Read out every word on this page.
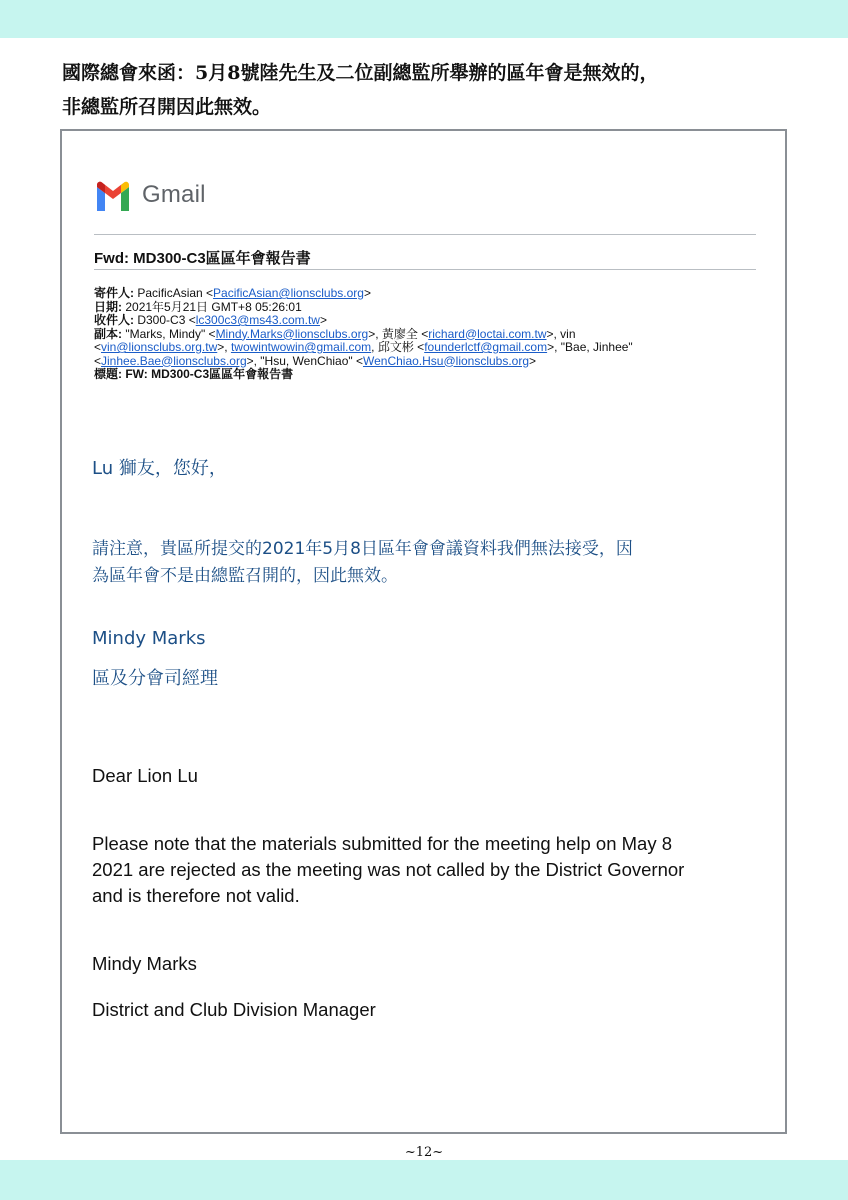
國際總會來函：5月8號陸先生及二位副總監所舉辦的區年會是無效的，
非總監所召開因此無效。
Gmail
Fwd: MD300-C3區區年會報告書
寄件人: PacificAsian <PacificAsian@lionsclubs.org>
日期: 2021年5月21日 GMT+8 05:26:01
收件人: D300-C3 <lc300c3@ms43.com.tw>
副本: "Marks, Mindy" <Mindy.Marks@lionsclubs.org>, 黃廖全 <richard@loctai.com.tw>, vin
<vin@lionsclubs.org.tw>, twowintwowin@gmail.com, 邱文彬 <founderlctf@gmail.com>, "Bae, Jinhee"
<Jinhee.Bae@lionsclubs.org>, "Hsu, WenChiao" <WenChiao.Hsu@lionsclubs.org>
標題: FW: MD300-C3區區年會報告書
Lu 獅友，您好，
請注意，貴區所提交的2021年5月8日區年會會議資料我們無法接受，因
為區年會不是由總監召開的，因此無效。
Mindy Marks
區及分會司經理
Dear Lion Lu
Please note that the materials submitted for the meeting help on May 8
2021 are rejected as the meeting was not called by the District Governor
and is therefore not valid.
Mindy Marks
District and Club Division Manager
~12~
